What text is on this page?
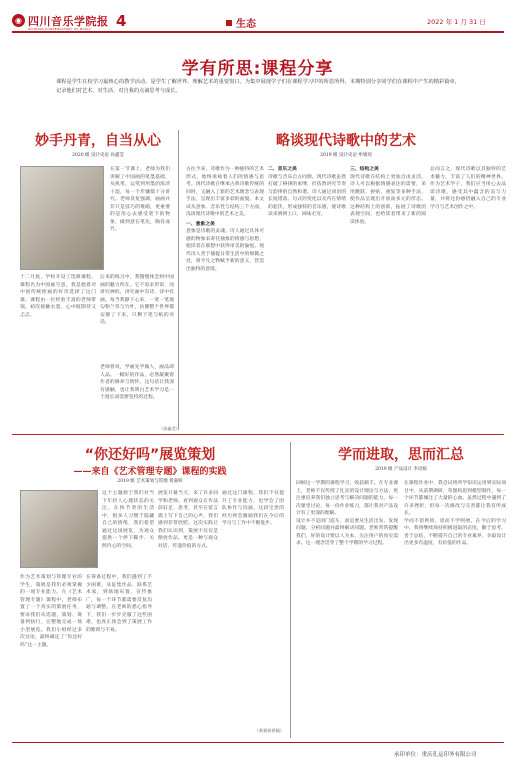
◉ 四川音乐学院报
SICHUAN CONSERVATORY OF MUSIC 4	生态	2022 年 1 月 31 日
学有所思:课程分享
课程是学生在校学习最核心的教学活动，是学生了解世界、理解艺术的重要窗口。为集中展现学子们在课程学习中的所思所得，本期特别分享同学们在课程中产生的精彩篇章，记录他们对艺术、对生活、对自我的点滴思考与成长。
妙手丹青，自当从心
2020 级 设计史论 孙鑫莹
在第一节课上，老师为我们讲解了中国画的笔墨基础，从执笔、运笔到用墨的浓淡干湿，每一个步骤都十分讲究。老师反复强调，画画并非只是技巧的堆砌，更重要的是用心去感受笔下的物象，做到意在笔先，胸有成竹。
十二月底，学校开设了选修课程，课程名为中国画写意，我是抱着对中国传统绘画的好奇选择了这门课。课程由一位经验丰富的老师带领，初次接触水墨，心中既期待又忐忑。
后来的练习中，我慢慢体会到中国画的魅力所在。它不追求形似，而讲究神似，讲究画中有诗、诗中有画。每当我静下心来，一笔一笔地勾勒兰草与竹叶，仿佛整个世界都安静了下来，只剩下笔与纸的对话。
老师曾说，学画先学做人，画品即人品。一幅好的作品，必然凝聚着作者的修养与情怀。这句话让我深有感触，也让我明白艺术学习是一个漫长而需要坚持的过程。
（孙鑫莹）
略谈现代诗歌中的艺术
2019 级 设计史论 牟婧瑶

古往今来，诗歌作为一种独特的艺术形式，始终承载着人们的情感与思考。现代诗歌在继承古典诗歌传统的同时，又融入了新的艺术理念与表现手法，呈现出丰富多彩的面貌。本文试从意象、音乐性与结构三个方面，浅谈现代诗歌中的艺术之美。

一、意象之美

意象是诗歌的灵魂。诗人通过具体可感的物象来寄托抽象的情感与思想，使读者在联想中获得审美的愉悦。现代诗人善于捕捉日常生活中的细微之处，将平凡之物赋予新的意义，营造出独特的意境。

二、音乐之美

诗歌与音乐自古同源。现代诗歌虽然打破了格律的束缚，但依然讲究节奏与韵律的自然和谐。诗人通过词语的长短错落、句式的变化以及内在情绪的起伏，形成独特的音乐感，使诗歌读来朗朗上口，回味无穷。

三、结构之美

现代诗歌在结构上更加自由灵活，诗人可以根据情感表达的需要，采用跳跃、拼贴、重复等多种手法，使作品呈现出开放而多元的形态。这种结构上的创新，拓展了诗歌的表现空间，也给读者带来了新的阅读体验。

总而言之，现代诗歌以其独特的艺术魅力，丰富了人们的精神世界。作为艺术学子，我们应当用心去品读诗歌，感受其中蕴含的美与力量，并将这份感悟融入自己的专业学习与艺术创作之中。

“你还好吗”展览策划
——来自《艺术管理专题》课程的实践
2019 级 艺术策划与管理 黄嘉妍
这个主题源于我们对当下年轻人心理状态的关注。在快节奏的生活中，很多人习惯于隐藏自己的情绪，我们希望通过这场展览，为观众提供一个停下脚步、关照内心的空间。
作为艺术策划与管理专业的学生，策展是我们必须掌握的一项专业能力。在《艺术管理专题》课程中，老师布置了一个真实的策展任务，要求我们从选题、策划、筹备到执行，完整地完成一场小型展览。我们小组经过多次讨论，最终确定了“你还好吗”这一主题。
在筹备过程中，我们遇到了不少困难。从征集作品、联系艺术家，到场地布置、宣传推广，每一个环节都需要反复沟通与调整。在老师的悉心指导下，我们一步步克服了这些困难，也真正体会到了策展工作的繁琐与不易。
展览开幕当天，来了许多同学和老师。看到观众在作品前驻足、思考，甚至在留言墙上写下自己的心声，我们感到非常欣慰。这次实践让我们认识到，策展不仅仅是摆放作品，更是一种与观众对话、传递价值的方式。
通过这门课程，我们不仅提升了专业能力，也学会了团队协作与沟通。这段宝贵的经历将会激励我们在今后的学习与工作中不断进步。
（黄嘉妍供稿）
学而进取，思而汇总
2019 级 产品设计 李语嫣

回顾这一学期的课程学习，收获颇丰。在专业课上，老师不仅传授了扎实的设计理论与方法，更注重培养我们独立思考与解决问题的能力。每一次课堂讨论、每一份作业练习，都让我对产品设计有了更深的理解。

设计并不是闭门造车，而是要从生活出发，发现问题、分析问题并最终解决问题。老师常常提醒我们，好的设计要以人为本，关注用户的真实需求。这一理念贯穿了整个学期的学习过程。

在课程作业中，我尝试将所学知识运用到实际项目中，从前期调研、草图构思到模型制作，每一个环节都倾注了大量的心血。虽然过程中遇到了许多挫折，但每一次修改与完善都让我有所成长。

学而不思则罔，思而不学则殆。在今后的学习中，我将继续保持积极进取的态度，勤于思考、善于总结，不断提升自己的专业素养，争取设计出更多有温度、有价值的作品。

承印单位：重庆孔运印务有限公司
